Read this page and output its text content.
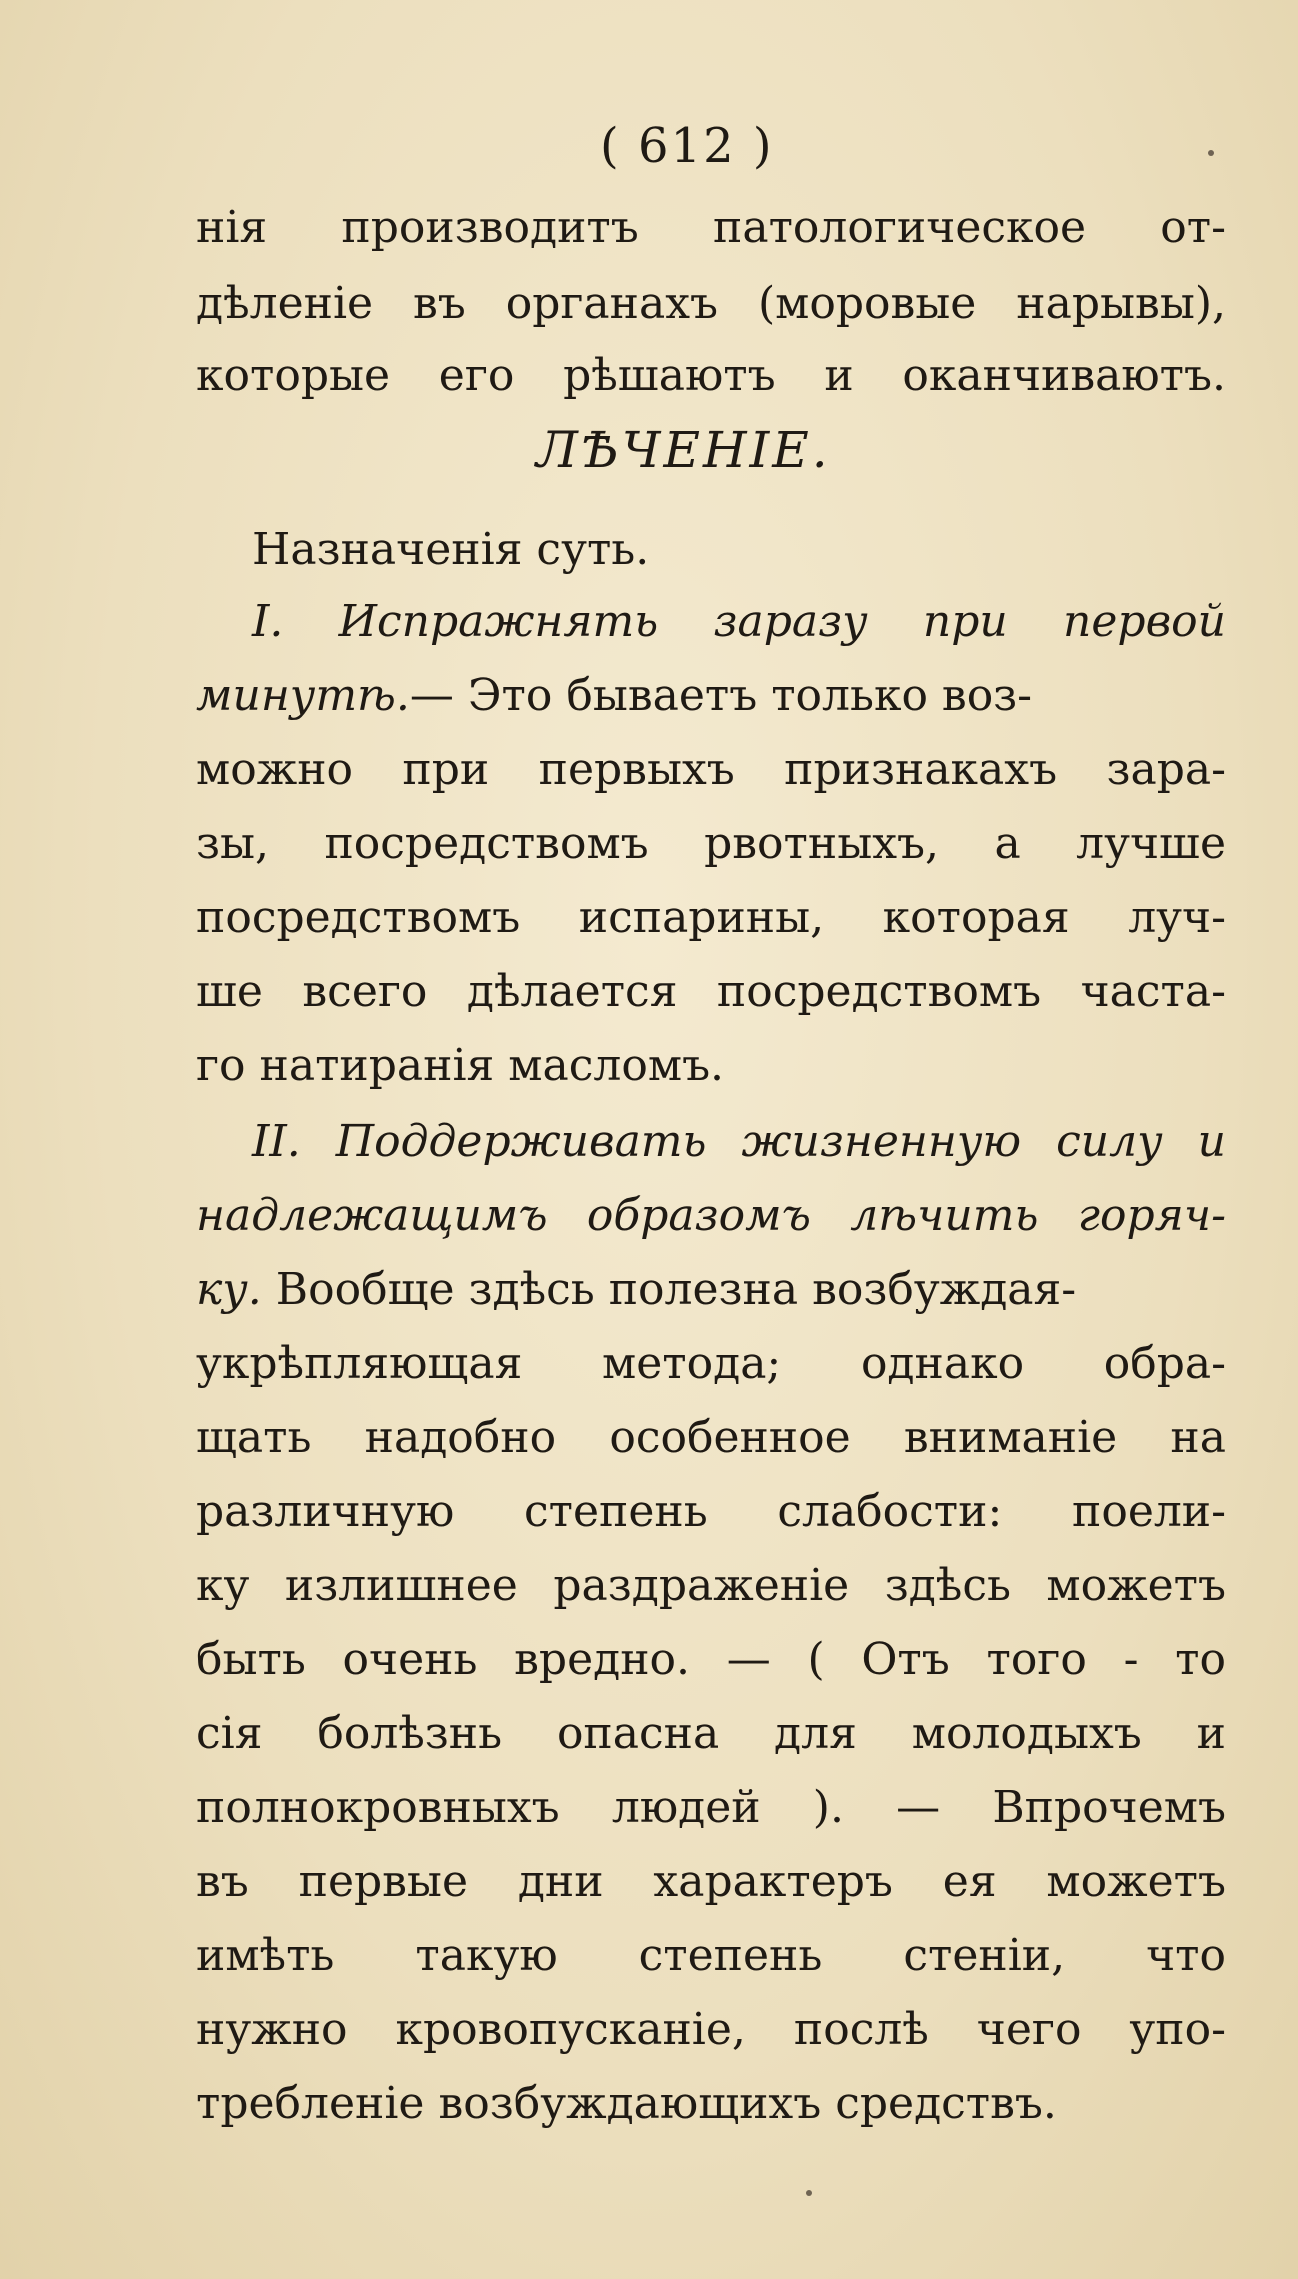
( 612 )
нія производитъ патологическое от-
дѣленіе въ органахъ (моровые нарывы),
которые его рѣшаютъ и оканчиваютъ.
ЛѢЧЕНІЕ.
Назначенія суть.
I. Испражнять заразу при первой
минутѣ.— Это бываетъ только воз-
можно при первыхъ признакахъ зара-
зы, посредствомъ рвотныхъ, а лучше
посредствомъ испарины, которая луч-
ше всего дѣлается посредствомъ часта-
го натиранія масломъ.
II. Поддерживать жизненную силу и
надлежащимъ образомъ лѣчить горяч-
ку. Вообще здѣсь полезна возбуждая-
укрѣпляющая метода; однако обра-
щать надобно особенное вниманіе на
различную степень слабости: поели-
ку излишнее раздраженіе здѣсь можетъ
быть очень вредно. — ( Отъ того - то
сія болѣзнь опасна для молодыхъ и
полнокровныхъ людей ). — Впрочемъ
въ первые дни характеръ ея можетъ
имѣть такую степень стеніи, что
нужно кровопусканіе, послѣ чего упо-
требленіе возбуждающихъ средствъ.
